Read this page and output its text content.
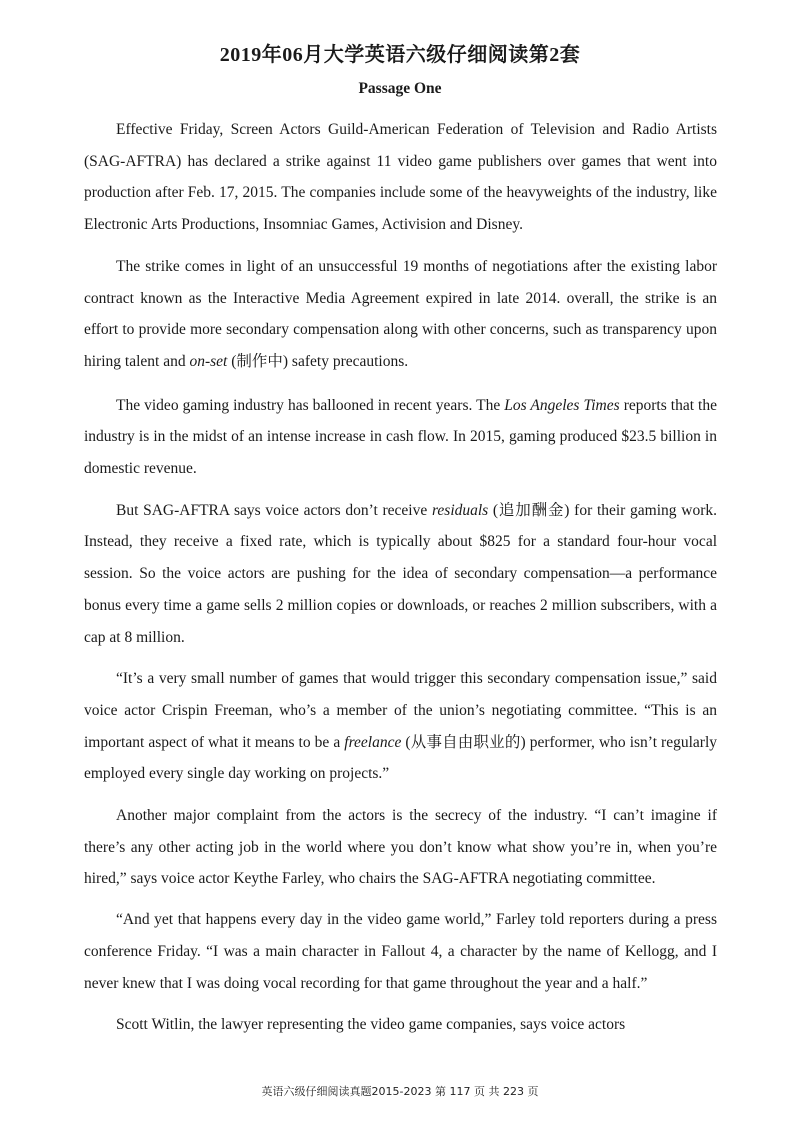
2019年06月大学英语六级仔细阅读第2套
Passage One

Effective Friday, Screen Actors Guild-American Federation of Television and Radio Artists (SAG-AFTRA) has declared a strike against 11 video game publishers over games that went into production after Feb. 17, 2015. The companies include some of the heavyweights of the industry, like Electronic Arts Productions, Insomniac Games, Activision and Disney.

The strike comes in light of an unsuccessful 19 months of negotiations after the existing labor contract known as the Interactive Media Agreement expired in late 2014. overall, the strike is an effort to provide more secondary compensation along with other concerns, such as transparency upon hiring talent and on-set (制作中) safety precautions.

The video gaming industry has ballooned in recent years. The Los Angeles Times reports that the industry is in the midst of an intense increase in cash flow. In 2015, gaming produced $23.5 billion in domestic revenue.

But SAG-AFTRA says voice actors don’t receive residuals (追加酬金) for their gaming work. Instead, they receive a fixed rate, which is typically about $825 for a standard four-hour vocal session. So the voice actors are pushing for the idea of secondary compensation—a performance bonus every time a game sells 2 million copies or downloads, or reaches 2 million subscribers, with a cap at 8 million.

“It’s a very small number of games that would trigger this secondary compensation issue,” said voice actor Crispin Freeman, who’s a member of the union’s negotiating committee. “This is an important aspect of what it means to be a freelance (从事自由职业的) performer, who isn’t regularly employed every single day working on projects.”

Another major complaint from the actors is the secrecy of the industry. “I can’t imagine if there’s any other acting job in the world where you don’t know what show you’re in, when you’re hired,” says voice actor Keythe Farley, who chairs the SAG-AFTRA negotiating committee.

“And yet that happens every day in the video game world,” Farley told reporters during a press conference Friday. “I was a main character in Fallout 4, a character by the name of Kellogg, and I never knew that I was doing vocal recording for that game throughout the year and a half.”

Scott Witlin, the lawyer representing the video game companies, says voice actors

英语六级仔细阅读真题2015-2023 第 117 页 共 223 页
